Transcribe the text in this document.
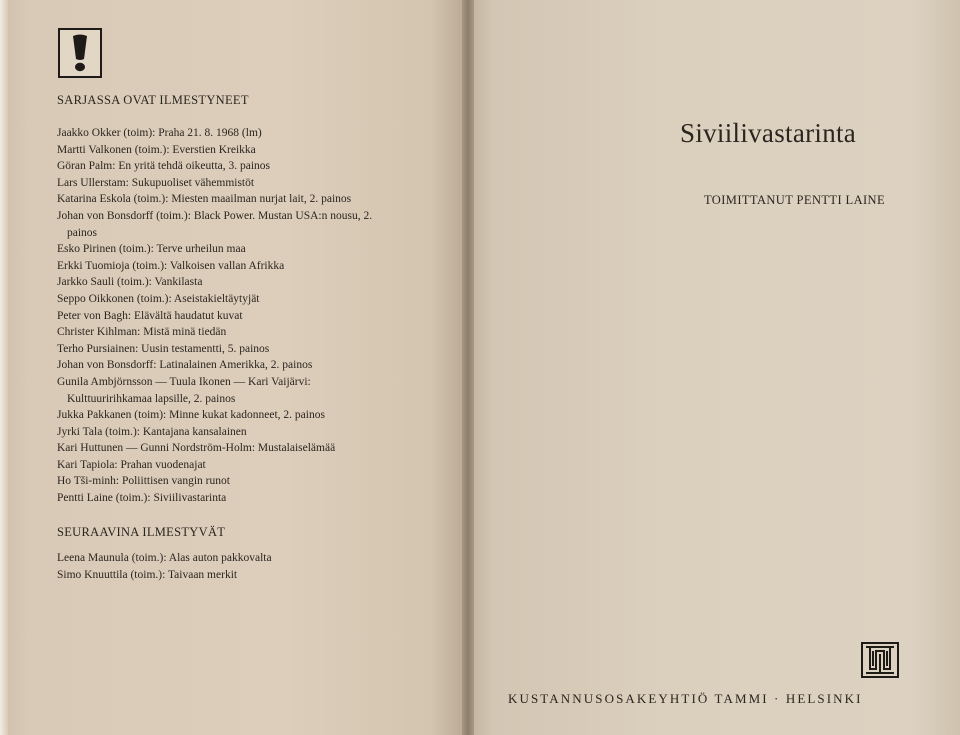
SARJASSA OVAT ILMESTYNEET
Jaakko Okker (toim): Praha 21. 8. 1968 (lm)
Martti Valkonen (toim.): Everstien Kreikka
Göran Palm: En yritä tehdä oikeutta, 3. painos
Lars Ullerstam: Sukupuoliset vähemmistöt
Katarina Eskola (toim.): Miesten maailman nurjat lait, 2. painos
Johan von Bonsdorff (toim.): Black Power. Mustan USA:n nousu, 2.
painos
Esko Pirinen (toim.): Terve urheilun maa
Erkki Tuomioja (toim.): Valkoisen vallan Afrikka
Jarkko Sauli (toim.): Vankilasta
Seppo Oikkonen (toim.): Aseistakieltäytyjät
Peter von Bagh: Elävältä haudatut kuvat
Christer Kihlman: Mistä minä tiedän
Terho Pursiainen: Uusin testamentti, 5. painos
Johan von Bonsdorff: Latinalainen Amerikka, 2. painos
Gunila Ambjörnsson — Tuula Ikonen — Kari Vaijärvi:
Kulttuuririhkamaa lapsille, 2. painos
Jukka Pakkanen (toim): Minne kukat kadonneet, 2. painos
Jyrki Tala (toim.): Kantajana kansalainen
Kari Huttunen — Gunni Nordström-Holm: Mustalaiselämää
Kari Tapiola: Prahan vuodenajat
Ho Tši-minh: Poliittisen vangin runot
Pentti Laine (toim.): Siviilivastarinta
SEURAAVINA ILMESTYVÄT
Leena Maunula (toim.): Alas auton pakkovalta
Simo Knuuttila (toim.): Taivaan merkit
Siviilivastarinta
TOIMITTANUT PENTTI LAINE
KUSTANNUSOSAKEYHTIÖ TAMMI · HELSINKI
